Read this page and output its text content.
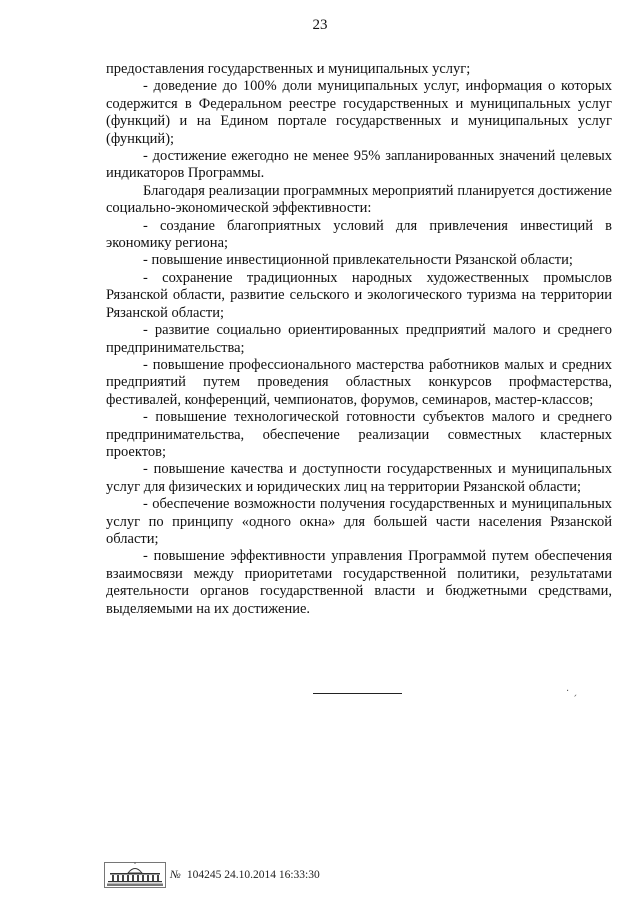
23

предоставления государственных и муниципальных услуг;

- доведение до 100% доли муниципальных услуг, информация о которых содержится в Федеральном реестре государственных и муниципальных услуг (функций) и на Едином портале государственных и муниципальных услуг (функций);

- достижение ежегодно не менее 95% запланированных значений целевых индикаторов Программы.

Благодаря реализации программных мероприятий планируется достижение социально-экономической эффективности:

- создание благоприятных условий для привлечения инвестиций в экономику региона;

- повышение инвестиционной привлекательности Рязанской области;

- сохранение традиционных народных художественных промыслов Рязанской области, развитие сельского и экологического туризма на территории Рязанской области;

- развитие социально ориентированных предприятий малого и среднего предпринимательства;

- повышение профессионального мастерства работников малых и средних предприятий путем проведения областных конкурсов профмастерства, фестивалей, конференций, чемпионатов, форумов, семинаров, мастер-классов;

- повышение технологической готовности субъектов малого и среднего предпринимательства, обеспечение реализации совместных кластерных проектов;

- повышение качества и доступности государственных и муниципальных услуг для физических и юридических лиц на территории Рязанской области;

- обеспечение возможности получения государственных и муниципальных услуг по принципу «одного окна» для большей части населения Рязанской области;

- повышение эффективности управления Программой путем обеспечения взаимосвязи между приоритетами государственной политики, результатами деятельности органов государственной власти и бюджетными средствами, выделяемыми на их достижение.

· ˏ
№ 104245 24.10.2014 16:33:30
